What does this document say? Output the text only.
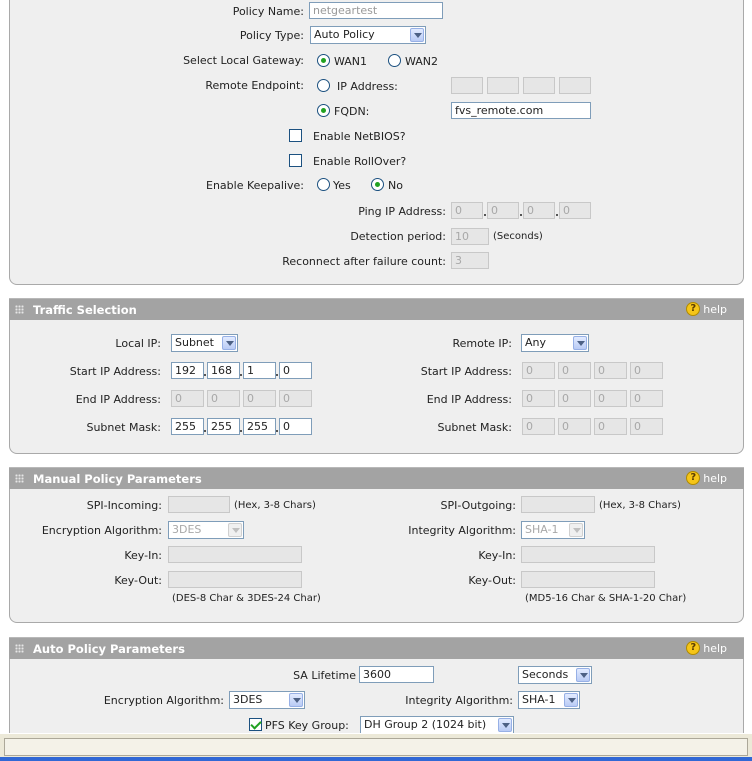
Policy Name: netgeartest
Policy Type: Auto Policy
Select Local Gateway:	WAN1	WAN2
Remote Endpoint:	IP Address:
FQDN:	fvs_remote.com
Enable NetBIOS?
Enable RollOver?
Enable Keepalive:	Yes	No
Ping IP Address: 0	0	0	0
Detection period: 10	(Seconds)
Reconnect after failure count: 3
Traffic Selection	? help
Local IP:	Subnet	Remote IP:	Any
Start IP Address:	192	168	1	0	Start IP Address:	0	0	0	0
End IP Address:	0	0	0	0	End IP Address:	0	0	0	0
Subnet Mask:	255	255	255	0	Subnet Mask:	0	0	0	0
Manual Policy Parameters	? help
SPI-Incoming:	(Hex, 3-8 Chars)	SPI-Outgoing:	(Hex, 3-8 Chars)
Encryption Algorithm: 3DES	Integrity Algorithm: SHA-1
Key-In:	Key-In:
Key-Out:	Key-Out:
(DES-8 Char & 3DES-24 Char)	(MD5-16 Char & SHA-1-20 Char)
Auto Policy Parameters	? help
SA Lifetime 3600	Seconds
Encryption Algorithm: 3DES	Integrity Algorithm: SHA-1
PFS Key Group:	DH Group 2 (1024 bit)
